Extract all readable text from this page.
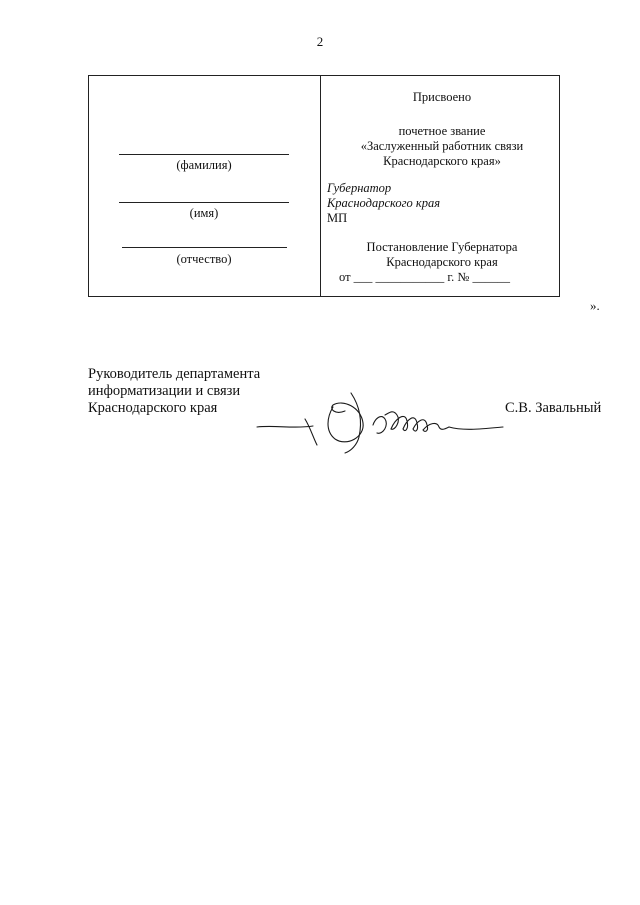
2
(фамилия)
(имя)
(отчество)
Присвоено
почетное звание
«Заслуженный работник связи
Краснодарского края»
Губернатор
Краснодарского края
МП
Постановление Губернатора
Краснодарского края
от ___ ___________ г. № ______
».
Руководитель департамента
информатизации и связи
Краснодарского края	С.В. Завальный
